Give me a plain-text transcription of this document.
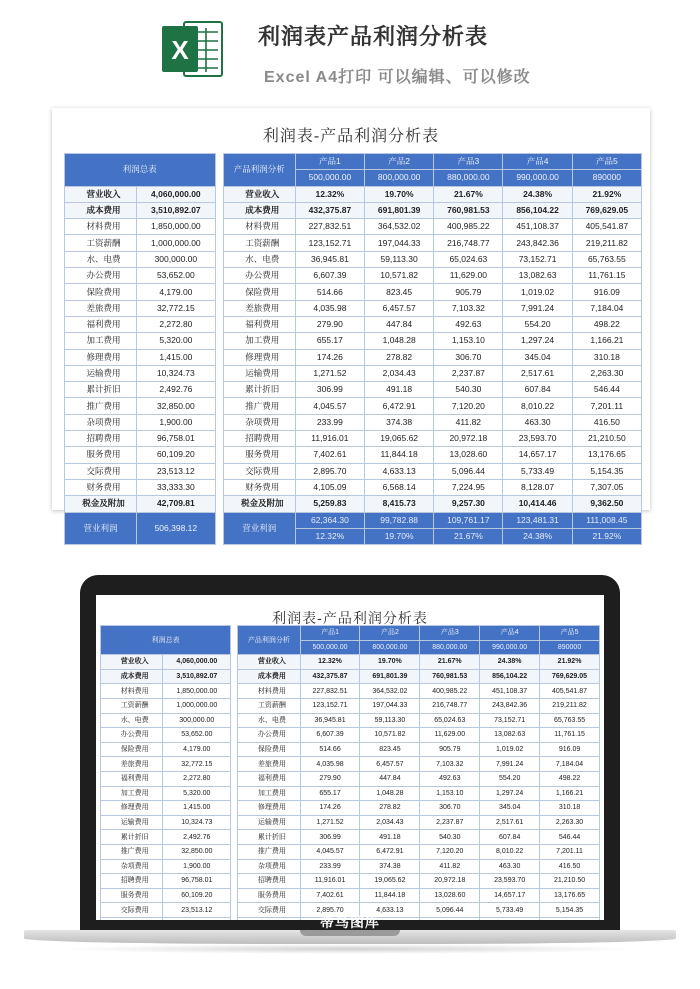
X	利润表产品利润分析表
Excel A4打印 可以编辑、可以修改
利润表-产品利润分析表
利润总表			产品利润分析	产品1	产品2	产品3	产品4	产品5
				500,000.00	800,000.00	880,000.00	990,000.00	890000
营业收入	4,060,000.00		营业收入	12.32%	19.70%	21.67%	24.38%	21.92%
成本费用	3,510,892.07		成本费用	432,375.87	691,801.39	760,981.53	856,104.22	769,629.05
材料费用	1,850,000.00		材料费用	227,832.51	364,532.02	400,985.22	451,108.37	405,541.87
工资薪酬	1,000,000.00		工资薪酬	123,152.71	197,044.33	216,748.77	243,842.36	219,211.82
水、电费	300,000.00		水、电费	36,945.81	59,113.30	65,024.63	73,152.71	65,763.55
办公费用	53,652.00		办公费用	6,607.39	10,571.82	11,629.00	13,082.63	11,761.15
保险费用	4,179.00		保险费用	514.66	823.45	905.79	1,019.02	916.09
差旅费用	32,772.15		差旅费用	4,035.98	6,457.57	7,103.32	7,991.24	7,184.04
福利费用	2,272.80		福利费用	279.90	447.84	492.63	554.20	498.22
加工费用	5,320.00		加工费用	655.17	1,048.28	1,153.10	1,297.24	1,166.21
修理费用	1,415.00		修理费用	174.26	278.82	306.70	345.04	310.18
运输费用	10,324.73		运输费用	1,271.52	2,034.43	2,237.87	2,517.61	2,263.30
累计折旧	2,492.76		累计折旧	306.99	491.18	540.30	607.84	546.44
推广费用	32,850.00		推广费用	4,045.57	6,472.91	7,120.20	8,010.22	7,201.11
杂项费用	1,900.00		杂项费用	233.99	374.38	411.82	463.30	416.50
招聘费用	96,758.01		招聘费用	11,916.01	19,065.62	20,972.18	23,593.70	21,210.50
服务费用	60,109.20		服务费用	7,402.61	11,844.18	13,028.60	14,657.17	13,176.65
交际费用	23,513.12		交际费用	2,895.70	4,633.13	5,096.44	5,733.49	5,154.35
财务费用	33,333.30		财务费用	4,105.09	6,568.14	7,224.95	8,128.07	7,307.05
税金及附加	42,709.81		税金及附加	5,259.83	8,415.73	9,257.30	10,414.46	9,362.50
营业利润	506,398.12		营业利润	62,364.30	99,782.88	109,761.17	123,481.31	111,008.45
				12.32%	19.70%	21.67%	24.38%	21.92%
利润表-产品利润分析表
利润总表			产品利润分析	产品1	产品2	产品3	产品4	产品5
				500,000.00	800,000.00	880,000.00	990,000.00	890000
营业收入	4,060,000.00		营业收入	12.32%	19.70%	21.67%	24.38%	21.92%
成本费用	3,510,892.07		成本费用	432,375.87	691,801.39	760,981.53	856,104.22	769,629.05
材料费用	1,850,000.00		材料费用	227,832.51	364,532.02	400,985.22	451,108.37	405,541.87
工资薪酬	1,000,000.00		工资薪酬	123,152.71	197,044.33	216,748.77	243,842.36	219,211.82
水、电费	300,000.00		水、电费	36,945.81	59,113.30	65,024.63	73,152.71	65,763.55
办公费用	53,652.00		办公费用	6,607.39	10,571.82	11,629.00	13,082.63	11,761.15
保险费用	4,179.00		保险费用	514.66	823.45	905.79	1,019.02	916.09
差旅费用	32,772.15		差旅费用	4,035.98	6,457.57	7,103.32	7,991.24	7,184.04
福利费用	2,272.80		福利费用	279.90	447.84	492.63	554.20	498.22
加工费用	5,320.00		加工费用	655.17	1,048.28	1,153.10	1,297.24	1,166.21
修理费用	1,415.00		修理费用	174.26	278.82	306.70	345.04	310.18
运输费用	10,324.73		运输费用	1,271.52	2,034.43	2,237.87	2,517.61	2,263.30
累计折旧	2,492.76		累计折旧	306.99	491.18	540.30	607.84	546.44
推广费用	32,850.00		推广费用	4,045.57	6,472.91	7,120.20	8,010.22	7,201.11
杂项费用	1,900.00		杂项费用	233.99	374.38	411.82	463.30	416.50
招聘费用	96,758.01		招聘费用	11,916.01	19,065.62	20,972.18	23,593.70	21,210.50
服务费用	60,109.20		服务费用	7,402.61	11,844.18	13,028.60	14,657.17	13,176.65
交际费用	23,513.12		交际费用	2,895.70	4,633.13	5,096.44	5,733.49	5,154.35

蒂鸟图库
